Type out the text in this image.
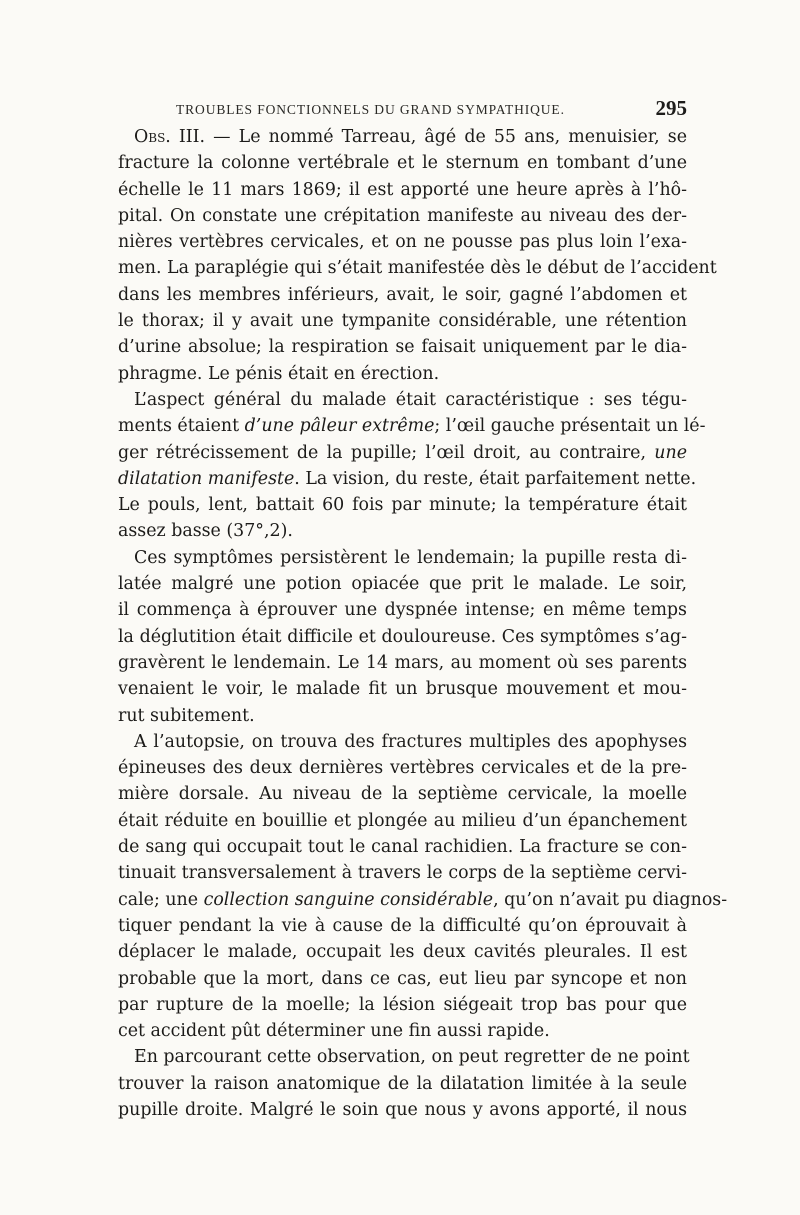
TROUBLES FONCTIONNELS DU GRAND SYMPATHIQUE.	295
Obs. III. — Le nommé Tarreau, âgé de 55 ans, menuisier, se
fracture la colonne vertébrale et le sternum en tombant d’une
échelle le 11 mars 1869; il est apporté une heure après à l’hô-
pital. On constate une crépitation manifeste au niveau des der-
nières vertèbres cervicales, et on ne pousse pas plus loin l’exa-
men. La paraplégie qui s’était manifestée dès le début de l’accident
dans les membres inférieurs, avait, le soir, gagné l’abdomen et
le thorax; il y avait une tympanite considérable, une rétention
d’urine absolue; la respiration se faisait uniquement par le dia-
phragme. Le pénis était en érection.
L’aspect général du malade était caractéristique : ses tégu-
ments étaient d’une pâleur extrême; l’œil gauche présentait un lé-
ger rétrécissement de la pupille; l’œil droit, au contraire, une
dilatation manifeste. La vision, du reste, était parfaitement nette.
Le pouls, lent, battait 60 fois par minute; la température était
assez basse (37°,2).
Ces symptômes persistèrent le lendemain; la pupille resta di-
latée malgré une potion opiacée que prit le malade. Le soir,
il commença à éprouver une dyspnée intense; en même temps
la déglutition était difficile et douloureuse. Ces symptômes s’ag-
gravèrent le lendemain. Le 14 mars, au moment où ses parents
venaient le voir, le malade fit un brusque mouvement et mou-
rut subitement.
A l’autopsie, on trouva des fractures multiples des apophyses
épineuses des deux dernières vertèbres cervicales et de la pre-
mière dorsale. Au niveau de la septième cervicale, la moelle
était réduite en bouillie et plongée au milieu d’un épanchement
de sang qui occupait tout le canal rachidien. La fracture se con-
tinuait transversalement à travers le corps de la septième cervi-
cale; une collection sanguine considérable, qu’on n’avait pu diagnos-
tiquer pendant la vie à cause de la difficulté qu’on éprouvait à
déplacer le malade, occupait les deux cavités pleurales. Il est
probable que la mort, dans ce cas, eut lieu par syncope et non
par rupture de la moelle; la lésion siégeait trop bas pour que
cet accident pût déterminer une fin aussi rapide.
En parcourant cette observation, on peut regretter de ne point
trouver la raison anatomique de la dilatation limitée à la seule
pupille droite. Malgré le soin que nous y avons apporté, il nous
